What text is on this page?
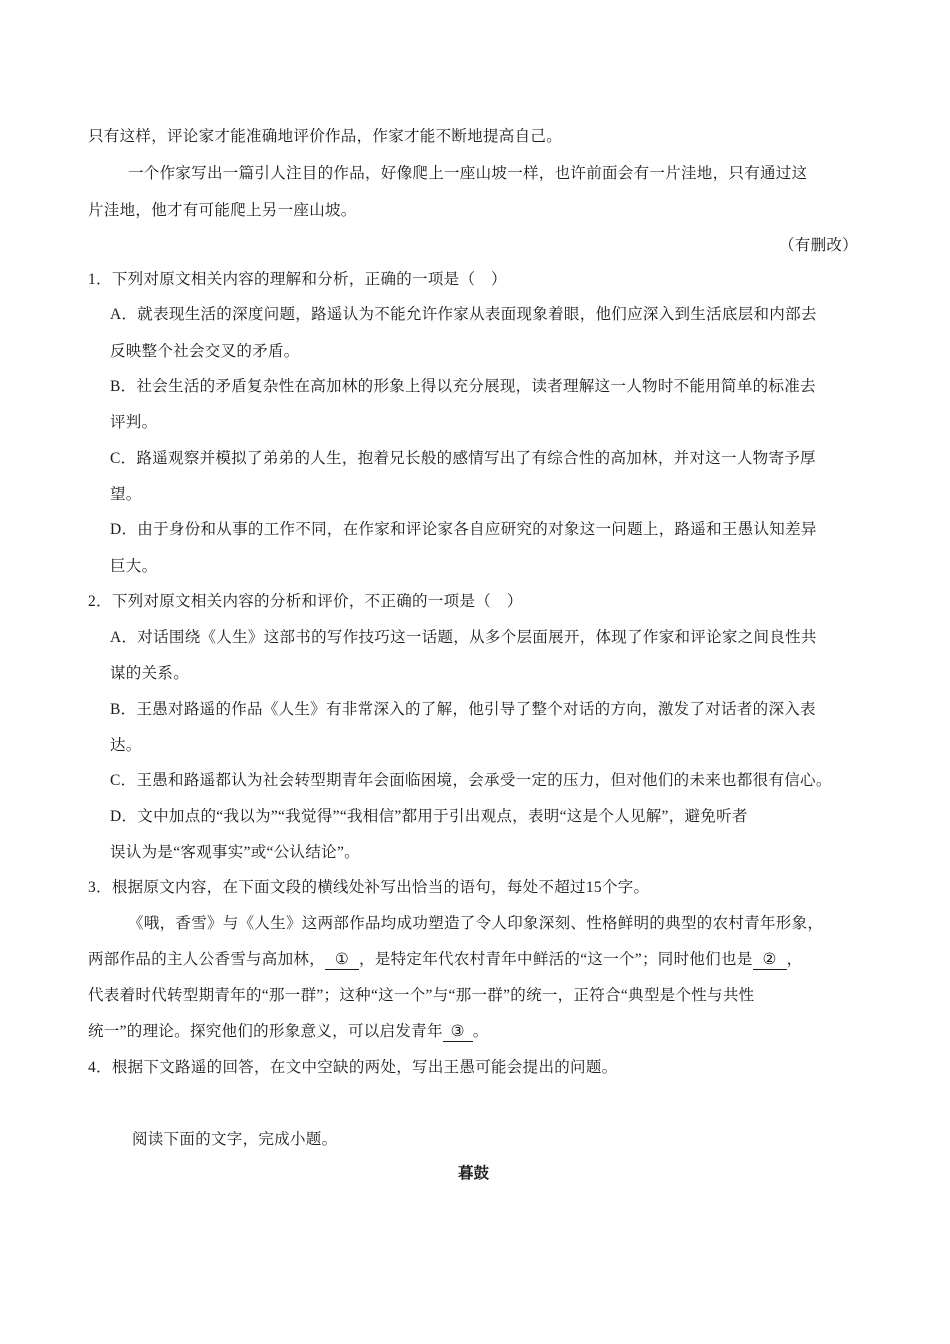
只有这样，评论家才能准确地评价作品，作家才能不断地提高自己。
一个作家写出一篇引人注目的作品，好像爬上一座山坡一样，也许前面会有一片洼地，只有通过这
片洼地，他才有可能爬上另一座山坡。
（有删改）
1．下列对原文相关内容的理解和分析，正确的一项是（　）
A．就表现生活的深度问题，路遥认为不能允许作家从表面现象着眼，他们应深入到生活底层和内部去
反映整个社会交叉的矛盾。
B．社会生活的矛盾复杂性在高加林的形象上得以充分展现，读者理解这一人物时不能用简单的标准去
评判。
C．路遥观察并模拟了弟弟的人生，抱着兄长般的感情写出了有综合性的高加林，并对这一人物寄予厚
望。
D．由于身份和从事的工作不同，在作家和评论家各自应研究的对象这一问题上，路遥和王愚认知差异
巨大。
2．下列对原文相关内容的分析和评价，不正确的一项是（　）
A．对话围绕《人生》这部书的写作技巧这一话题，从多个层面展开，体现了作家和评论家之间良性共
谋的关系。
B．王愚对路遥的作品《人生》有非常深入的了解，他引导了整个对话的方向，激发了对话者的深入表
达。
C．王愚和路遥都认为社会转型期青年会面临困境，会承受一定的压力，但对他们的未来也都很有信心。
D．文中加点的“我以为”“我觉得”“我相信”都用于引出观点，表明“这是个人见解”，避免听者
误认为是“客观事实”或“公认结论”。
3．根据原文内容，在下面文段的横线处补写出恰当的语句，每处不超过15个字。
《哦，香雪》与《人生》这两部作品均成功塑造了令人印象深刻、性格鲜明的典型的农村青年形象，
两部作品的主人公香雪与高加林， ① ，是特定年代农村青年中鲜活的“这一个”；同时他们也是 ② ，
代表着时代转型期青年的“那一群”；这种“这一个”与“那一群”的统一，正符合“典型是个性与共性
统一”的理论。探究他们的形象意义，可以启发青年 ③ 。
4．根据下文路遥的回答，在文中空缺的两处，写出王愚可能会提出的问题。
阅读下面的文字，完成小题。
暮鼓
